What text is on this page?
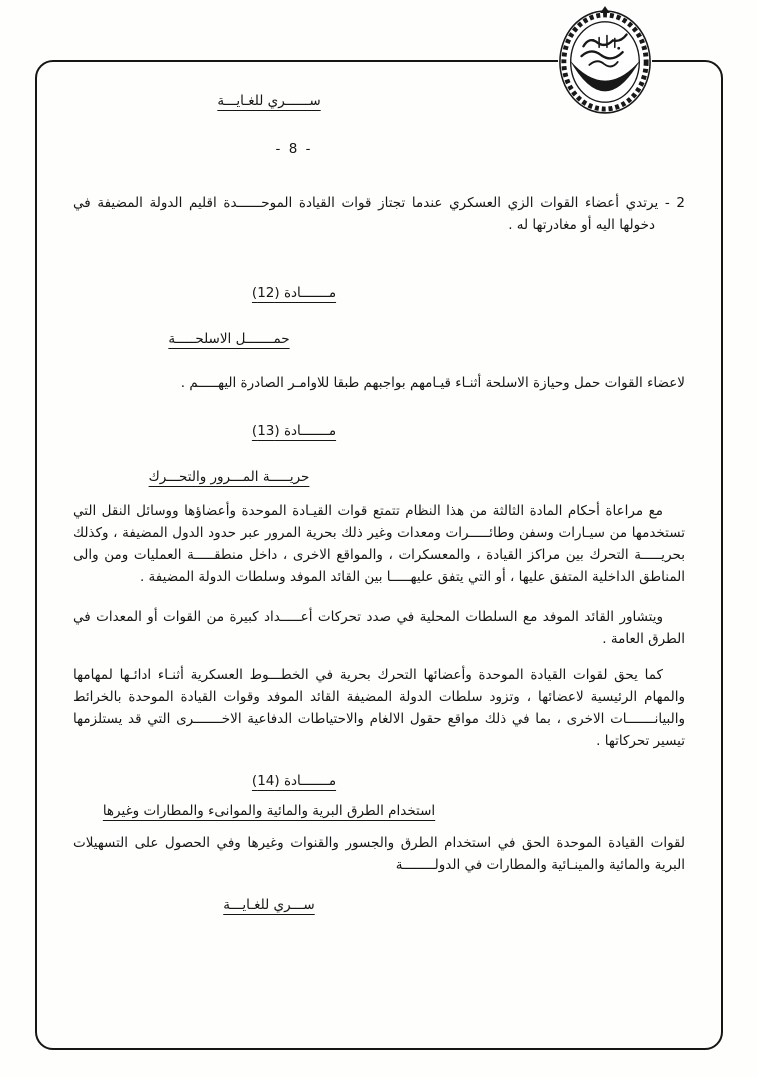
ســــــري للغـايـــة
- 8 -

2 - يرتدي أعضاء القوات الزي العسكري عندما تجتاز قوات القيادة الموحــــــدة اقليم الدولة المضيفة في دخولها اليه أو مغادرتها له .

مـــــــادة (12)
حمـــــــل الاسلحـــــة

لاعضاء القوات حمل وحيازة الاسلحة أثنـاء قيـامهم بواجبهم طبقا للاوامـر الصادرة اليهـــــم .

مـــــــادة (13)
حريـــــة المـــرور والتحـــرك

مع مراعاة أحكام المادة الثالثة من هذا النظام تتمتع قوات القيـادة الموحدة وأعضاؤها ووسائل النقل التي تستخدمها من سيـارات وسفن وطائـــــرات ومعدات وغير ذلك بحرية المرور عبر حدود الدول المضيفة ، وكذلك بحريـــــة التحرك بين مراكز القيادة ، والمعسكرات ، والمواقع الاخرى ، داخل منطقـــــة العمليات ومن والى المناطق الداخلية المتفق عليها ، أو التي يتفق عليهـــــا بين القائد الموفد وسلطات الدولة المضيفة .

ويتشاور القائد الموفد مع السلطات المحلية في صدد تحركات أعـــــداد كبيرة من القوات أو المعدات في الطرق العامة .

كما يحق لقوات القيادة الموحدة وأعضائها التحرك بحرية في الخطـــوط العسكرية أثنـاء ادائـها لمهامها والمهام الرئيسية لاعضائها ، وتزود سلطات الدولة المضيفة القائد الموفد وقوات القيادة الموحدة بالخرائط والبيانـــــــات الاخرى ، بما في ذلك مواقع حقول الالغام والاحتياطات الدفاعية الاخـــــــرى التي قد يستلزمها تيسير تحركاتها .

مـــــــادة (14)
استخدام الطرق البرية والمائية والموانىء والمطارات وغيرها

لقوات القيادة الموحدة الحق في استخدام الطرق والجسور والقنوات وغيرها وفي الحصول على التسهيلات البرية والمائية والمينـائية والمطارات في الدولــــــــة

ســـري للغـايـــة
